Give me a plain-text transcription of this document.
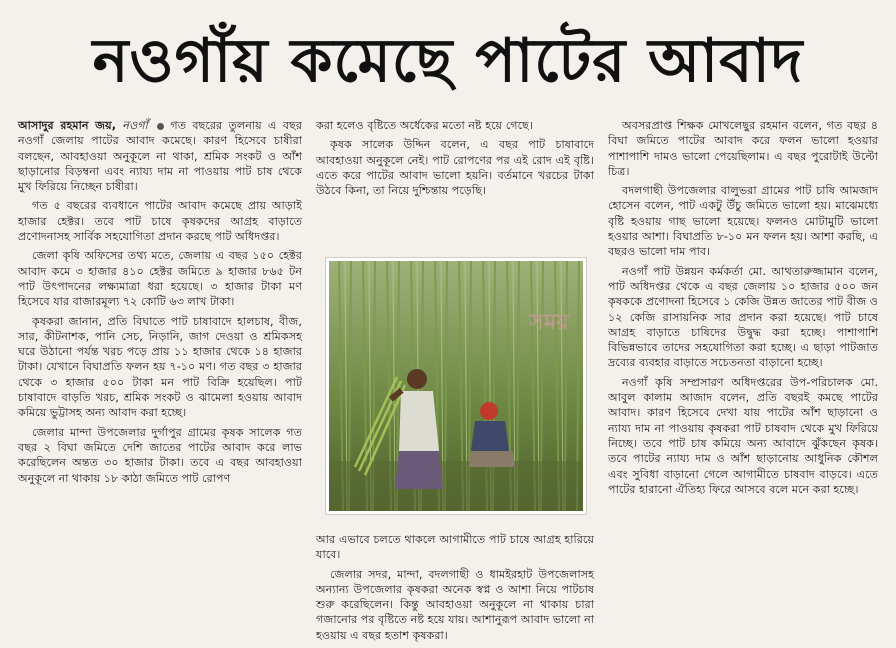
নওগাঁয় কমেছে পাটের আবাদ

আসাদুর রহমান জয়, নওগাঁ গত বছরের তুলনায় এ বছর নওগাঁ জেলায় পাটের আবাদ কমেছে। কারণ হিসেবে চাষীরা বলছেন, আবহাওয়া অনুকূলে না থাকা, শ্রমিক সংকট ও আঁশ ছাড়ানোর বিড়ম্বনা এবং ন্যায্য দাম না পাওয়ায় পাট চাষ থেকে মুখ ফিরিয়ে নিচ্ছেন চাষীরা।

গত ৫ বছরের ব্যবধানে পাটের আবাদ কমেছে প্রায় আড়াই হাজার হেক্টর। তবে পাট চাষে কৃষকদের আগ্রহ বাড়াতে প্রণোদনাসহ সার্বিক সহযোগিতা প্রদান করছে পাট অধিদপ্তর।

জেলা কৃষি অফিসের তথ্য মতে, জেলায় এ বছর ১৫০ হেক্টর আবাদ কমে ৩ হাজার ৪১০ হেক্টর জমিতে ৯ হাজার ৮৬৫ টন পাট উৎপাদনের লক্ষ্যমাত্রা ধরা হয়েছে। ৩ হাজার টাকা মণ হিসেবে যার বাজারমূল্য ৭২ কোটি ৬৩ লাখ টাকা।

কৃষকরা জানান, প্রতি বিঘাতে পাট চাষাবাদে হালচাষ, বীজ, সার, কীটনাশক, পানি সেচ, নিড়ানি, জাগ দেওয়া ও শ্রমিকসহ ঘরে উঠানো পর্যন্ত খরচ পড়ে প্রায় ১১ হাজার থেকে ১৪ হাজার টাকা। যেখানে বিঘাপ্রতি ফলন হয় ৭-১০ মণ। গত বছর ৩ হাজার থেকে ৩ হাজার ৫০০ টাকা মন পাট বিক্রি হয়েছিল। পাট চাষাবাদে বাড়তি খরচ, শ্রমিক সংকট ও ঝামেলা হওয়ায় আবাদ কমিয়ে ভুট্টাসহ অন্য আবাদ করা হচ্ছে।

জেলার মান্দা উপজেলার দুর্গাপুর গ্রামের কৃষক সালেক গত বছর ২ বিঘা জমিতে দেশি জাতের পাটের আবাদ করে লাভ করেছিলেন অন্তত ৩০ হাজার টাকা। তবে এ বছর আবহাওয়া অনুকূলে না থাকায় ১৮ কাঠা জমিতে পাট রোপণ

করা হলেও বৃষ্টিতে অর্ধেকের মতো নষ্ট হয়ে গেছে।

কৃষক সালেক উদ্দিন বলেন, এ বছর পাট চাষাবাদে আবহাওয়া অনুকূলে নেই। পাট রোপণের পর এই রোদ এই বৃষ্টি। এতে করে পাটের আবাদ ভালো হয়নি। বর্তমানে খরচের টাকা উঠবে কিনা, তা নিয়ে দুশ্চিন্তায় পড়েছি।

সময়

আর এভাবে চলতে থাকলে আগামীতে পাট চাষে আগ্রহ হারিয়ে যাবে।

জেলার সদর, মান্দা, বদলগাছী ও ধামইরহাট উপজেলাসহ অন্যান্য উপজেলার কৃষকরা অনেক স্বপ্ন ও আশা নিয়ে পাটচাষ শুরু করেছিলেন। কিন্তু আবহাওয়া অনুকূলে না থাকায় চারা গজানোর পর বৃষ্টিতে নষ্ট হয়ে যায়। আশানুরূপ আবাদ ভালো না হওয়ায় এ বছর হতাশ কৃষকরা।

অবসরপ্রাপ্ত শিক্ষক মোখলেছুর রহমান বলেন, গত বছর ৪ বিঘা জমিতে পাটের আবাদ করে ফলন ভালো হওয়ার পাশাপাশি দামও ভালো পেয়েছিলাম। এ বছর পুরোটাই উল্টো চিত্র।

বদলগাছী উপজেলার বালুভরা গ্রামের পাট চাষি আমজাদ হোসেন বলেন, পাট একটু উঁচু জমিতে ভালো হয়। মাঝেমধ্যে বৃষ্টি হওয়ায় গাছ ভালো হয়েছে। ফলনও মোটামুটি ভালো হওয়ার আশা। বিঘাপ্রতি ৮-১০ মন ফলন হয়। আশা করছি, এ বছরও ভালো দাম পাব।

নওগাঁ পাট উন্নয়ন কর্মকর্তা মো. আথতারুজ্জামান বলেন, পাট অধিদপ্তর থেকে এ বছর জেলায় ১০ হাজার ৫০০ জন কৃষককে প্রণোদনা হিসেবে ১ কেজি উন্নত জাতের পাট বীজ ও ১২ কেজি রাসায়নিক সার প্রদান করা হয়েছে। পাট চাষে আগ্রহ বাড়াতে চাষিদের উদ্বুদ্ধ করা হচ্ছে। পাশাপাশি বিভিন্নভাবে তাদের সহযোগিতা করা হচ্ছে। এ ছাড়া পাটজাত দ্রব্যের ব্যবহার বাড়াতে সচেতনতা বাড়ানো হচ্ছে।

নওগাঁ কৃষি সম্প্রসারণ অধিদপ্তরের উপ-পরিচালক মো. আবুল কালাম আজাদ বলেন, প্রতি বছরই কমছে পাটের আবাদ। কারণ হিসেবে দেখা যায় পাটের আঁশ ছাড়ানো ও ন্যায্য দাম না পাওয়ায় কৃষকরা পাট চাষবাদ থেকে মুখ ফিরিয়ে নিচ্ছে। তবে পাট চাষ কমিয়ে অন্য আবাদে ঝুঁকছেন কৃষক। তবে পাটের ন্যায্য দাম ও আঁশ ছাড়ানোয় আধুনিক কৌশল এবং সুবিধা বাড়ানো গেলে আগামীতে চাষবাদ বাড়বে। এতে পাটের হারানো ঐতিহ্য ফিরে আসবে বলে মনে করা হচ্ছে।
